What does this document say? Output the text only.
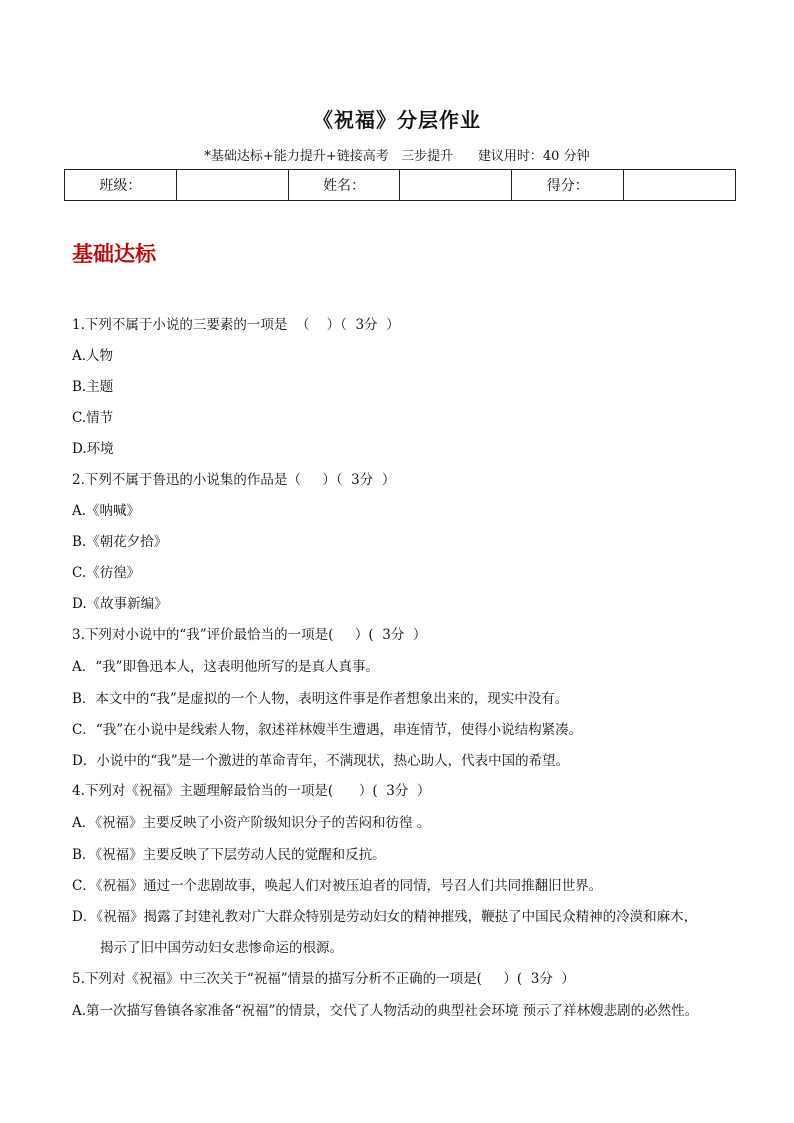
《祝福》分层作业
*基础达标+能力提升+链接高考   三步提升      建议用时：40 分钟
班级：		姓名：		得分：	
基础达标
1.下列不属于小说的三要素的一项是  （    ）（  3分  ）
A.人物
B.主题
C.情节
D.环境
2.下列不属于鲁迅的小说集的作品是（     ）（  3分  ）
A.《呐喊》
B.《朝花夕拾》
C.《彷徨》
D.《故事新编》
3.下列对小说中的“我”评价最恰当的一项是(     ）(  3分  ）
A．“我”即鲁迅本人，这表明他所写的是真人真事。
B．本文中的“我”是虚拟的一个人物，表明这件事是作者想象出来的，现实中没有。
C．“我”在小说中是线索人物，叙述祥林嫂半生遭遇，串连情节，使得小说结构紧凑。
D．小说中的“我”是一个激进的革命青年，不满现状，热心助人，代表中国的希望。
4.下列对《祝福》主题理解最恰当的一项是(      ）(  3分  ）
A．《祝福》主要反映了小资产阶级知识分子的苦闷和彷徨 。
B．《祝福》主要反映了下层劳动人民的觉醒和反抗。
C．《祝福》通过一个悲剧故事，唤起人们对被压迫者的同情，号召人们共同推翻旧世界。
D．《祝福》揭露了封建礼教对广大群众特别是劳动妇女的精神摧残，鞭挞了中国民众精神的冷漠和麻木，
揭示了旧中国劳动妇女悲惨命运的根源。
5.下列对《祝福》中三次关于“祝福”情景的描写分析不正确的一项是(     ）(  3分  ）
A.第一次描写鲁镇各家准备“祝福”的情景，交代了人物活动的典型社会环境 预示了祥林嫂悲剧的必然性。
